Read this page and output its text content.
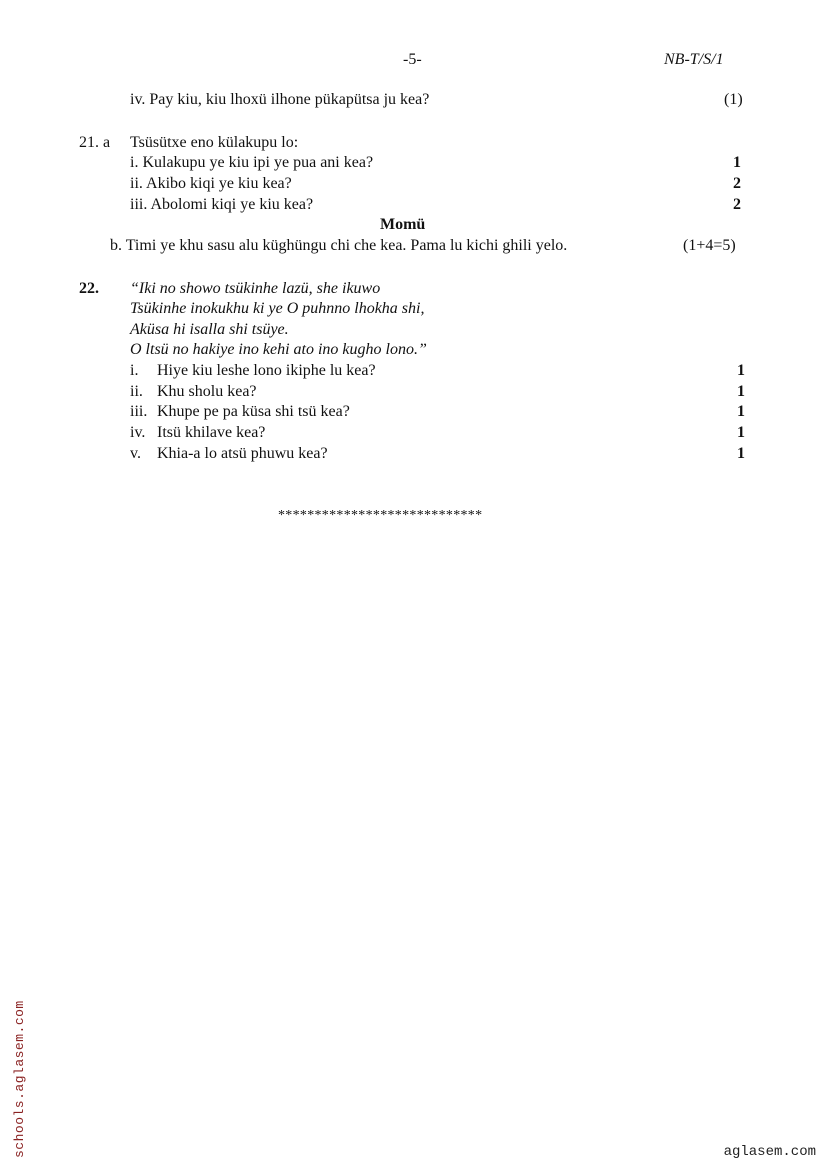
-5-	NB-T/S/1
iv. Pay kiu, kiu lhoxü ilhone pükapütsa ju kea?	(1)
21. a Tsüsütxe eno külakupu lo:
i. Kulakupu ye kiu ipi ye pua ani kea?	1
ii. Akibo kiqi ye kiu kea?	2
iii. Abolomi kiqi ye kiu kea?	2
Momü
b. Timi ye khu sasu alu küghüngu chi che kea. Pama lu kichi ghili yelo.	(1+4=5)
22. “Iki no showo tsükinhe lazü, she ikuwo
Tsükinhe inokukhu ki ye O puhnno lhokha shi,
Aküsa hi isalla shi tsüye.
O ltsü no hakiye ino kehi ato ino kugho lono.”
i. Hiye kiu leshe lono ikiphe lu kea?	1
ii. Khu sholu kea?	1
iii. Khupe pe pa küsa shi tsü kea?	1
iv. Itsü khilave kea?	1
v. Khia-a lo atsü phuwu kea?	1
****************************
schools.aglasem.com	aglasem.com
